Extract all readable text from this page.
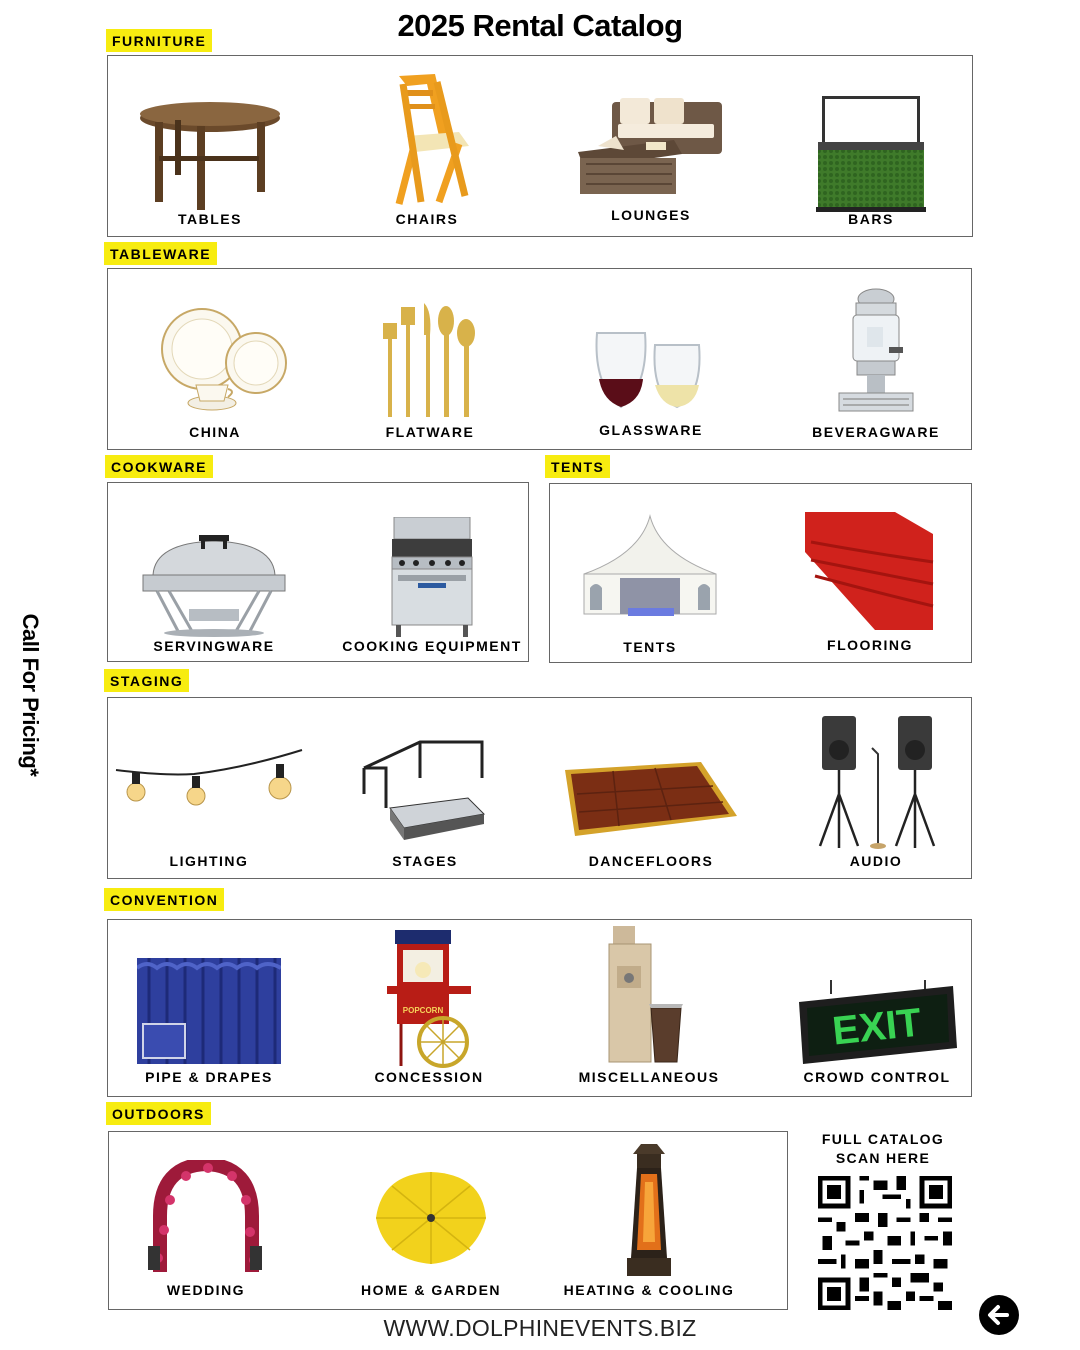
2025 Rental Catalog
Call For Pricing*
FURNITURE
TABLES	CHAIRS	LOUNGES	BARS
TABLEWARE
CHINA	FLATWARE	GLASSWARE	BEVERAGWARE
COOKWARE
SERVINGWARE	COOKING EQUIPMENT
TENTS
TENTS	FLOORING
STAGING
LIGHTING	STAGES	DANCEFLOORS	AUDIO
CONVENTION
PIPE & DRAPES
POPCORN
CONCESSION	MISCELLANEOUS
EXIT
CROWD CONTROL
OUTDOORS
WEDDING	HOME & GARDEN	HEATING & COOLING
FULL CATALOG
SCAN HERE
WWW.DOLPHINEVENTS.BIZ
